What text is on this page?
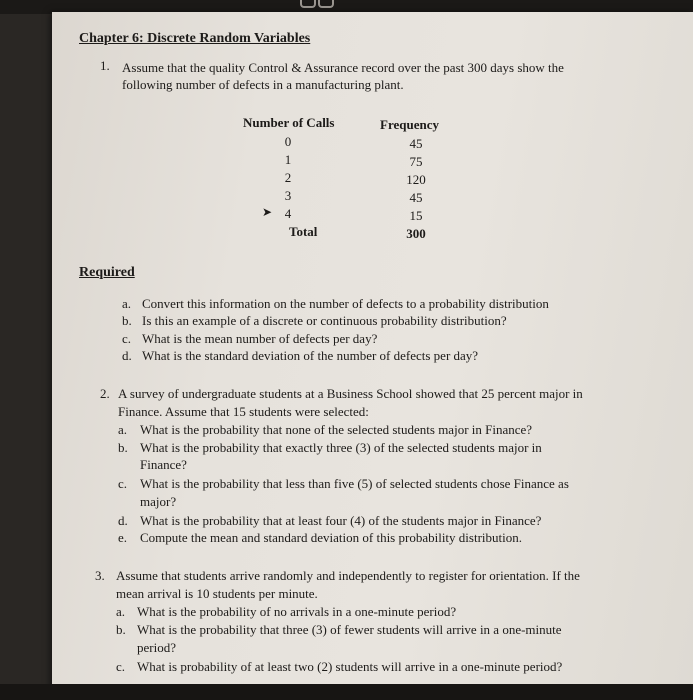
Chapter 6: Discrete Random Variables
1. Assume that the quality Control & Assurance record over the past 300 days show the
following number of defects in a manufacturing plant.
Number of Calls	Frequency
0	45
1	75
2	120
3	45
➤ 4	15
Total	300
Required
a. Convert this information on the number of defects to a probability distribution
b. Is this an example of a discrete or continuous probability distribution?
c. What is the mean number of defects per day?
d. What is the standard deviation of the number of defects per day?
2. A survey of undergraduate students at a Business School showed that 25 percent major in
Finance. Assume that 15 students were selected:
a. What is the probability that none of the selected students major in Finance?
b. What is the probability that exactly three (3) of the selected students major in
Finance?
c. What is the probability that less than five (5) of selected students chose Finance as
major?
d. What is the probability that at least four (4) of the students major in Finance?
e. Compute the mean and standard deviation of this probability distribution.
3. Assume that students arrive randomly and independently to register for orientation. If the
mean arrival is 10 students per minute.
a. What is the probability of no arrivals in a one-minute period?
b. What is the probability that three (3) of fewer students will arrive in a one-minute
period?
c. What is probability of at least two (2) students will arrive in a one-minute period?
